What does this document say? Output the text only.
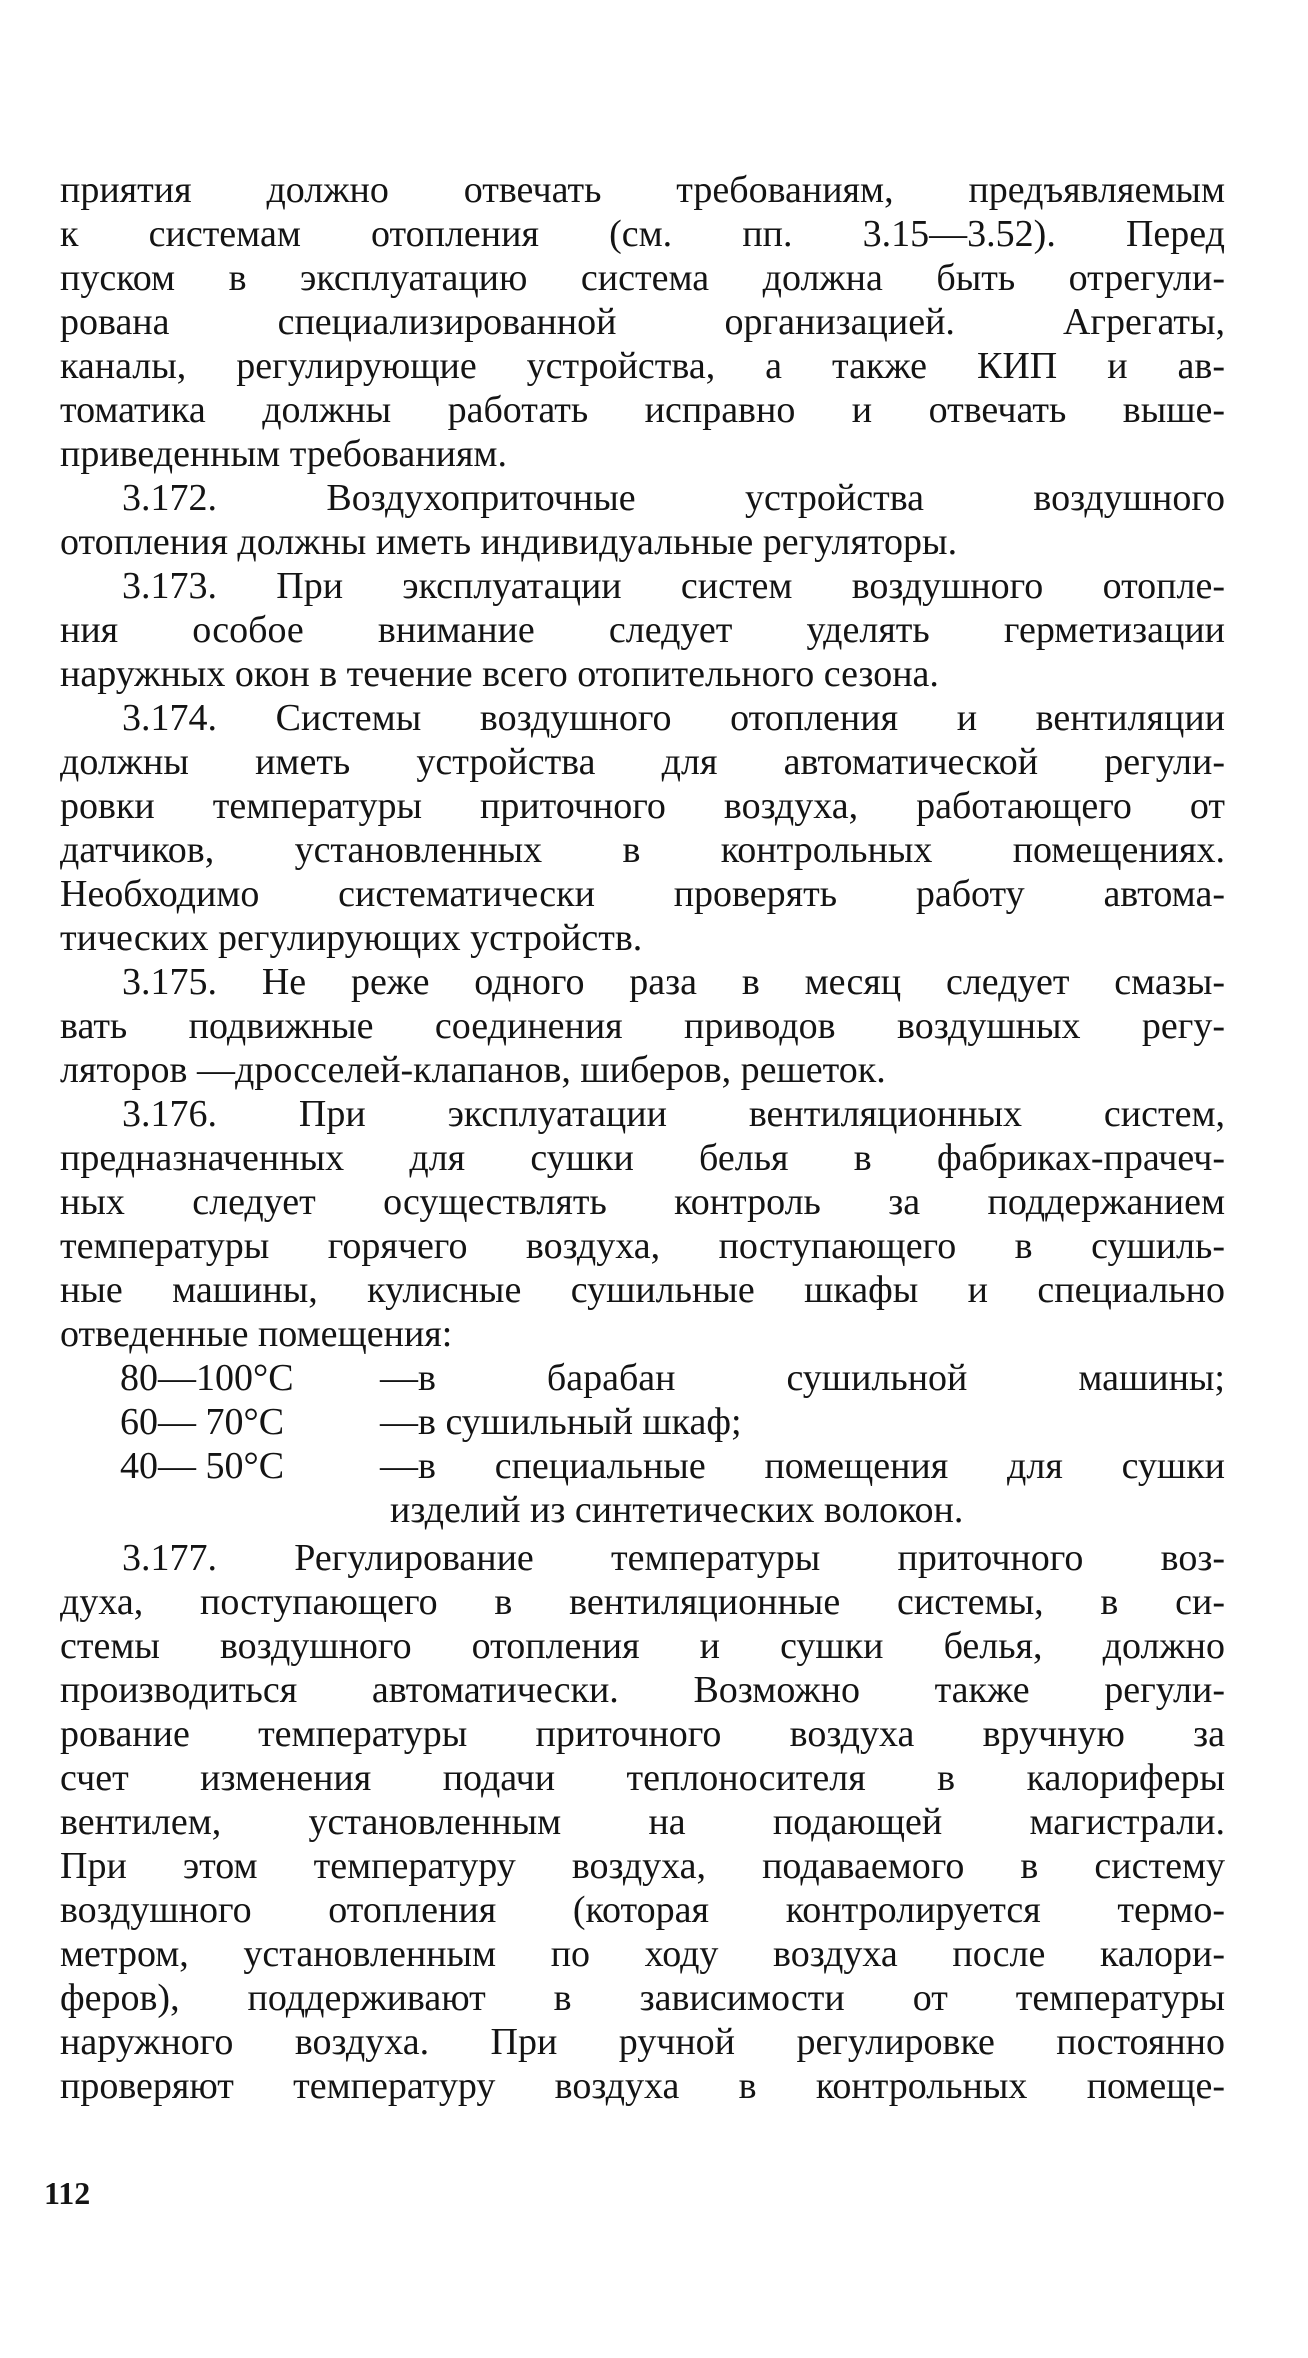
приятия должно отвечать требованиям, предъявляемым
к системам отопления (см. пп. 3.15—3.52). Перед
пуском в эксплуатацию система должна быть отрегули-
рована специализированной организацией. Агрегаты,
каналы, регулирующие устройства, а также КИП и ав-
томатика должны работать исправно и отвечать выше-
приведенным требованиям.
3.172. Воздухоприточные устройства воздушного
отопления должны иметь индивидуальные регуляторы.
3.173. При эксплуатации систем воздушного отопле-
ния особое внимание следует уделять герметизации
наружных окон в течение всего отопительного сезона.
3.174. Системы воздушного отопления и вентиляции
должны иметь устройства для автоматической регули-
ровки температуры приточного воздуха, работающего от
датчиков, установленных в контрольных помещениях.
Необходимо систематически проверять работу автома-
тических регулирующих устройств.
3.175. Не реже одного раза в месяц следует смазы-
вать подвижные соединения приводов воздушных регу-
ляторов —дросселей-клапанов, шиберов, решеток.
3.176. При эксплуатации вентиляционных систем,
предназначенных для сушки белья в фабриках-прачеч-
ных следует осуществлять контроль за поддержанием
температуры горячего воздуха, поступающего в сушиль-
ные машины, кулисные сушильные шкафы и специально
отведенные помещения:
80—100°С	—в барабан сушильной машины;
60— 70°С	—в сушильный шкаф;
40— 50°С	—в специальные помещения для сушки
изделий из синтетических волокон.
3.177. Регулирование температуры приточного воз-
духа, поступающего в вентиляционные системы, в си-
стемы воздушного отопления и сушки белья, должно
производиться автоматически. Возможно также регули-
рование температуры приточного воздуха вручную за
счет изменения подачи теплоносителя в калориферы
вентилем, установленным на подающей магистрали.
При этом температуру воздуха, подаваемого в систему
воздушного отопления (которая контролируется термо-
метром, установленным по ходу воздуха после калори-
феров), поддерживают в зависимости от температуры
наружного воздуха. При ручной регулировке постоянно
проверяют температуру воздуха в контрольных помеще-
112
